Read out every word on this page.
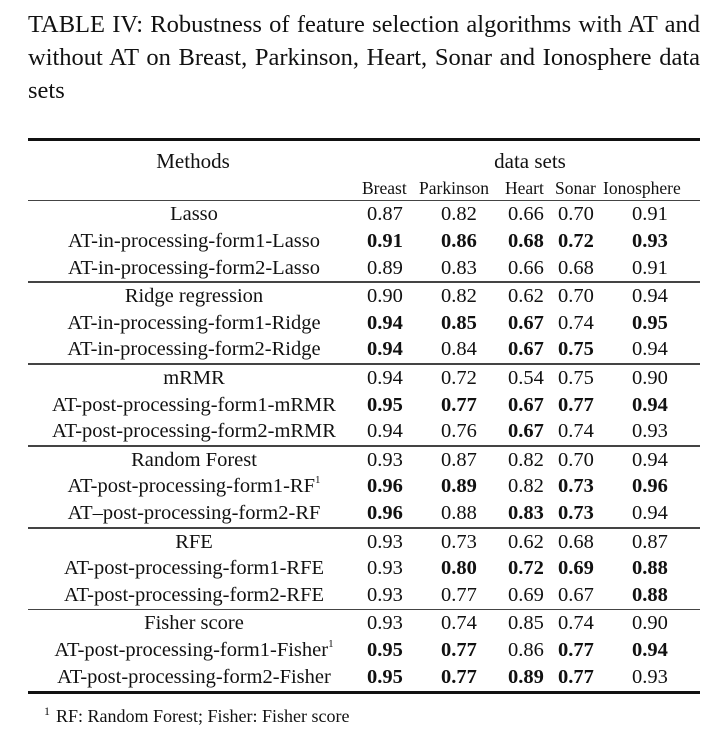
TABLE IV: Robustness of feature selection algorithms with AT and without AT on Breast, Parkinson, Heart, Sonar and Ionosphere data sets
Methods	data sets
Breast Parkinson Heart Sonar Ionosphere
Lasso	0.87 0.82 0.66 0.70 0.91
AT-in-processing-form1-Lasso	0.91 0.86 0.68 0.72 0.93
AT-in-processing-form2-Lasso	0.89 0.83 0.66 0.68 0.91
Ridge regression	0.90 0.82 0.62 0.70 0.94
AT-in-processing-form1-Ridge	0.94 0.85 0.67 0.74 0.95
AT-in-processing-form2-Ridge	0.94 0.84 0.67 0.75 0.94
mRMR	0.94 0.72 0.54 0.75 0.90
AT-post-processing-form1-mRMR	0.95 0.77 0.67 0.77 0.94
AT-post-processing-form2-mRMR	0.94 0.76 0.67 0.74 0.93
Random Forest	0.93 0.87 0.82 0.70 0.94
$AT-post-processing-form1-RF^1$	0.96 0.89 0.82 0.73 0.96
AT–post-processing-form2-RF	0.96 0.88 0.83 0.73 0.94
RFE	0.93 0.73 0.62 0.68 0.87
AT-post-processing-form1-RFE	0.93 0.80 0.72 0.69 0.88
AT-post-processing-form2-RFE	0.93 0.77 0.69 0.67 0.88
Fisher score	0.93 0.74 0.85 0.74 0.90
AT-post-processing-form1-Fisher$^1$	0.95 0.77 0.86 0.77 0.94
AT-post-processing-form2-Fisher	0.95 0.77 0.89 0.77 0.93
$^1$ RF: Random Forest; Fisher: Fisher score
